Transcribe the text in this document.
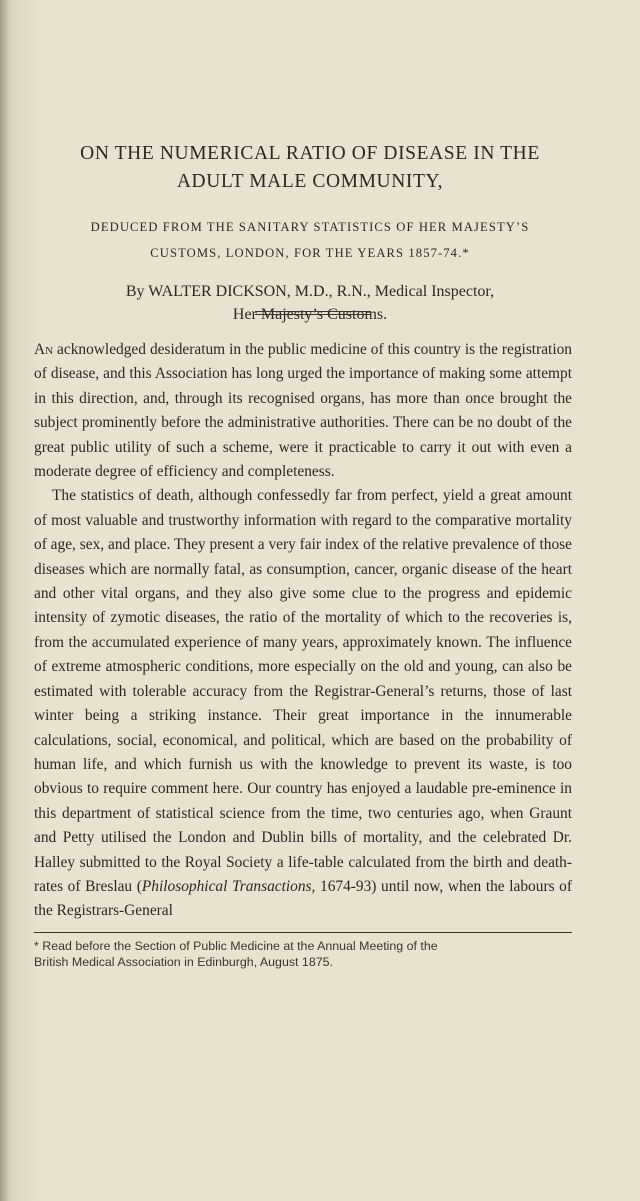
ON THE NUMERICAL RATIO OF DISEASE IN THE
ADULT MALE COMMUNITY,
DEDUCED FROM THE SANITARY STATISTICS OF HER MAJESTY’S
CUSTOMS, LONDON, FOR THE YEARS 1857-74.*
By WALTER DICKSON, M.D., R.N., Medical Inspector,
Her Majesty’s Customs.

An acknowledged desideratum in the public medicine of this country is the registration of disease, and this Association has long urged the importance of making some attempt in this direction, and, through its recognised organs, has more than once brought the subject prominently before the administrative authorities. There can be no doubt of the great public utility of such a scheme, were it practicable to carry it out with even a moderate degree of efficiency and completeness.

The statistics of death, although confessedly far from perfect, yield a great amount of most valuable and trustworthy information with regard to the comparative mortality of age, sex, and place. They present a very fair index of the relative prevalence of those diseases which are normally fatal, as consumption, cancer, organic disease of the heart and other vital organs, and they also give some clue to the progress and epidemic intensity of zymotic diseases, the ratio of the mortality of which to the recoveries is, from the accumulated experience of many years, approximately known. The influence of extreme atmospheric conditions, more especially on the old and young, can also be estimated with tolerable accuracy from the Registrar-General’s returns, those of last winter being a striking instance. Their great importance in the innumerable calculations, social, economical, and political, which are based on the probability of human life, and which furnish us with the knowledge to prevent its waste, is too obvious to require comment here. Our country has enjoyed a laudable pre-eminence in this department of statistical science from the time, two centuries ago, when Graunt and Petty utilised the London and Dublin bills of mortality, and the celebrated Dr. Halley submitted to the Royal Society a life-table calculated from the birth and death-rates of Breslau (Philosophical Transactions, 1674-93) until now, when the labours of the Registrars-General

* Read before the Section of Public Medicine at the Annual Meeting of the
British Medical Association in Edinburgh, August 1875.
